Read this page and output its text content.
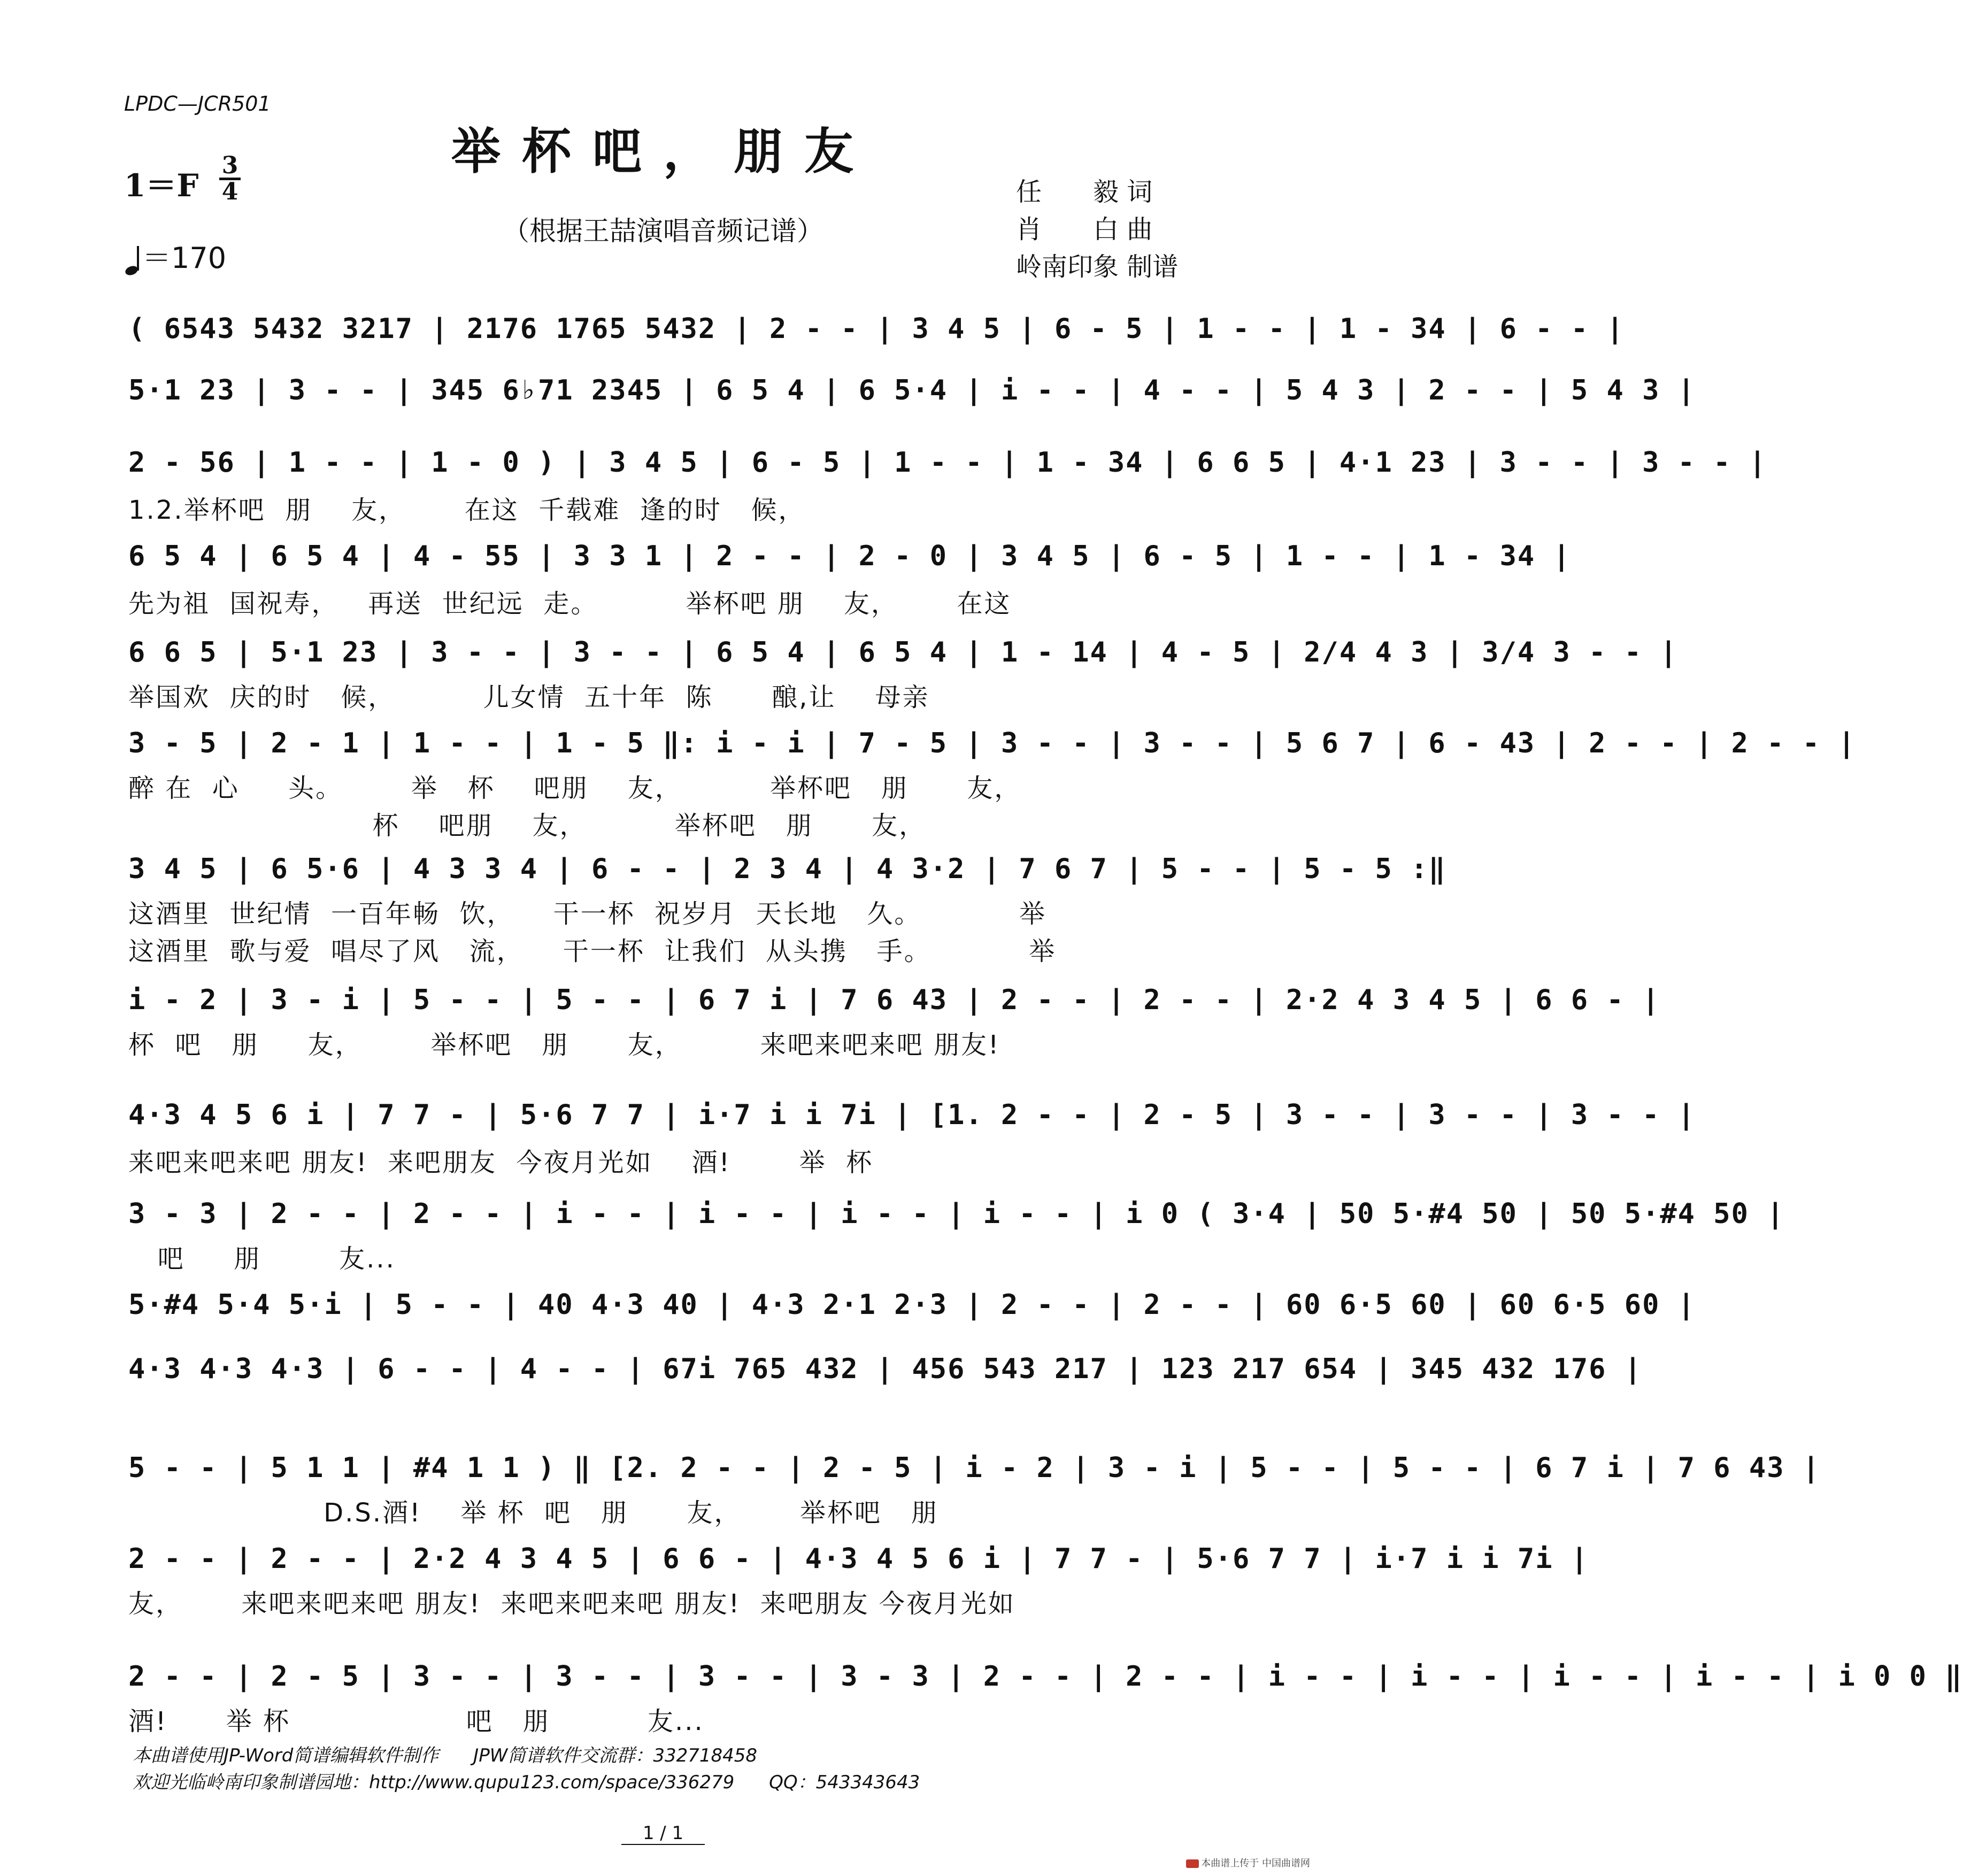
LPDC—JCR501
举杯吧，朋友
1＝F
3
4
＝170
（根据王喆演唱音频记谱）
任　　毅 词
肖　　白 曲
岭南印象 制谱
( 6543 5432 3217 | 2176 1765 5432 | 2 - - | 3 4 5 | 6 - 5 | 1 - - | 1 - 34 | 6 - - |
5·1 23 | 3 - - | 345 6♭71 2345 | 6 5 4 | 6 5·4 | i - - | 4 - - | 5 4 3 | 2 - - | 5 4 3 |
2 - 56 | 1 - - | 1 - 0 ) | 3 4 5 | 6 - 5 | 1 - - | 1 - 34 | 6 6 5 | 4·1 23 | 3 - - | 3 - - |
1.2.举杯吧  朋    友，      在这  千载难  逢的时   候，
6 5 4 | 6 5 4 | 4 - 55 | 3 3 1 | 2 - - | 2 - 0 | 3 4 5 | 6 - 5 | 1 - - | 1 - 34 |
先为祖  国祝寿，   再送  世纪远  走。         举杯吧 朋    友，      在这
6 6 5 | 5·1 23 | 3 - - | 3 - - | 6 5 4 | 6 5 4 | 1 - 14 | 4 - 5 | 2/4 4 3 | 3/4 3 - - |
举国欢  庆的时   候，         儿女情  五十年  陈      酿,让    母亲
3 - 5 | 2 - 1 | 1 - - | 1 - 5 ‖: i - i | 7 - 5 | 3 - - | 3 - - | 5 6 7 | 6 - 43 | 2 - - | 2 - - |
醉 在  心     头。       举   杯    吧朋    友，         举杯吧   朋      友，
杯    吧朋    友，         举杯吧   朋      友，
3 4 5 | 6 5·6 | 4 3 3 4 | 6 - - | 2 3 4 | 4 3·2 | 7 6 7 | 5 - - | 5 - 5 :‖
这酒里  世纪情  一百年畅  饮，    干一杯  祝岁月  天长地   久。          举
这酒里  歌与爱  唱尽了风   流，    干一杯  让我们  从头携   手。          举
i - 2 | 3 - i | 5 - - | 5 - - | 6 7 i | 7 6 43 | 2 - - | 2 - - | 2·2 4 3 4 5 | 6 6 - |
杯  吧   朋     友，       举杯吧   朋      友，        来吧来吧来吧 朋友!
4·3 4 5 6 i | 7 7 - | 5·6 7 7 | i·7 i i 7i | [1. 2 - - | 2 - 5 | 3 - - | 3 - - | 3 - - |
来吧来吧来吧 朋友!  来吧朋友  今夜月光如    酒!       举  杯
3 - 3 | 2 - - | 2 - - | i - - | i - - | i - - | i - - | i 0 ( 3·4 | 50 5·#4 50 | 50 5·#4 50 |
吧     朋        友...
5·#4 5·4 5·i | 5 - - | 40 4·3 40 | 4·3 2·1 2·3 | 2 - - | 2 - - | 60 6·5 60 | 60 6·5 60 |
4·3 4·3 4·3 | 6 - - | 4 - - | 67i 765 432 | 456 543 217 | 123 217 654 | 345 432 176 |
5 - - | 5 1 1 | #4 1 1 ) ‖ [2. 2 - - | 2 - 5 | i - 2 | 3 - i | 5 - - | 5 - - | 6 7 i | 7 6 43 |
D.S.酒!    举 杯  吧   朋      友，      举杯吧   朋
2 - - | 2 - - | 2·2 4 3 4 5 | 6 6 - | 4·3 4 5 6 i | 7 7 - | 5·6 7 7 | i·7 i i 7i |
友，      来吧来吧来吧 朋友!  来吧来吧来吧 朋友!  来吧朋友 今夜月光如
2 - - | 2 - 5 | 3 - - | 3 - - | 3 - - | 3 - 3 | 2 - - | 2 - - | i - - | i - - | i - - | i - - | i 0 0 ‖
酒!      举 杯                  吧   朋          友...
本曲谱使用JP-Word简谱编辑软件制作      JPW简谱软件交流群：332718458
欢迎光临岭南印象制谱园地：http://www.qupu123.com/space/336279      QQ：543343643
1 / 1
本曲谱上传于 中国曲谱网
